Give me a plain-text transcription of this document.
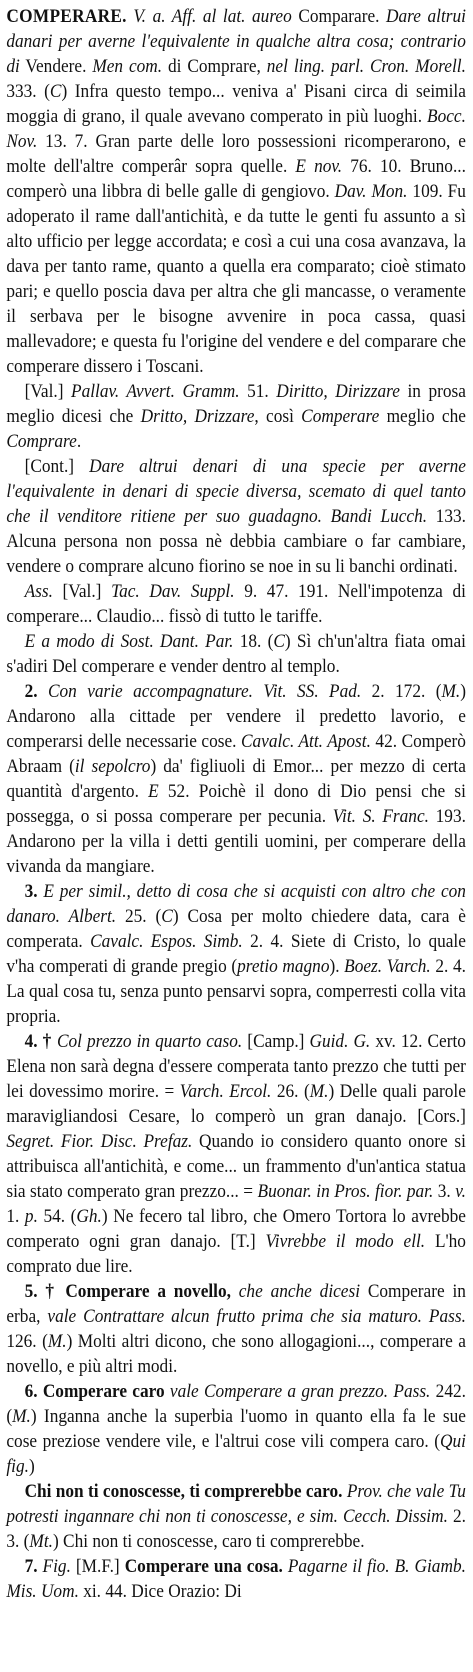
COMPERARE. V. a. Aff. al lat. aureo Comparare. Dare altrui danari per averne l'equivalente in qualche altra cosa; contrario di Vendere. Men com. di Comprare, nel ling. parl. Cron. Morell. 333. (C) Infra questo tempo... veniva a' Pisani circa di seimila moggia di grano, il quale avevano comperato in più luoghi. Bocc. Nov. 13. 7. Gran parte delle loro possessioni ricomperarono, e molte dell'altre comperâr sopra quelle. E nov. 76. 10. Bruno... comperò una libbra di belle galle di gengiovo. Dav. Mon. 109. Fu adoperato il rame dall'antichità, e da tutte le genti fu assunto a sì alto ufficio per legge accordata; e così a cui una cosa avanzava, la dava per tanto rame, quanto a quella era comparato; cioè stimato pari; e quello poscia dava per altra che gli mancasse, o veramente il serbava per le bisogne avvenire in poca cassa, quasi mallevadore; e questa fu l'origine del vendere e del comparare che comperare dissero i Toscani.

[Val.] Pallav. Avvert. Gramm. 51. Diritto, Dirizzare in prosa meglio dicesi che Dritto, Drizzare, così Comperare meglio che Comprare.

[Cont.] Dare altrui denari di una specie per averne l'equivalente in denari di specie diversa, scemato di quel tanto che il venditore ritiene per suo guadagno. Bandi Lucch. 133. Alcuna persona non possa nè debbia cambiare o far cambiare, vendere o comprare alcuno fiorino se noe in su li banchi ordinati.

Ass. [Val.] Tac. Dav. Suppl. 9. 47. 191. Nell'impotenza di comperare... Claudio... fissò di tutto le tariffe.

E a modo di Sost. Dant. Par. 18. (C) Sì ch'un'altra fiata omai s'adiri Del comperare e vender dentro al templo.

2. Con varie accompagnature. Vit. SS. Pad. 2. 172. (M.) Andarono alla cittade per vendere il predetto lavorio, e comperarsi delle necessarie cose. Cavalc. Att. Apost. 42. Comperò Abraam (il sepolcro) da' figliuoli di Emor... per mezzo di certa quantità d'argento. E 52. Poichè il dono di Dio pensi che si possegga, o si possa comperare per pecunia. Vit. S. Franc. 193. Andarono per la villa i detti gentili uomini, per comperare della vivanda da mangiare.

3. E per simil., detto di cosa che si acquisti con altro che con danaro. Albert. 25. (C) Cosa per molto chiedere data, cara è comperata. Cavalc. Espos. Simb. 2. 4. Siete di Cristo, lo quale v'ha comperati di grande pregio (pretio magno). Boez. Varch. 2. 4. La qual cosa tu, senza punto pensarvi sopra, comperresti colla vita propria.

4. † Col prezzo in quarto caso. [Camp.] Guid. G. xv. 12. Certo Elena non sarà degna d'essere comperata tanto prezzo che tutti per lei dovessimo morire. = Varch. Ercol. 26. (M.) Delle quali parole maravigliandosi Cesare, lo comperò un gran danajo. [Cors.] Segret. Fior. Disc. Prefaz. Quando io considero quanto onore si attribuisca all'antichità, e come... un frammento d'un'antica statua sia stato comperato gran prezzo... = Buonar. in Pros. fior. par. 3. v. 1. p. 54. (Gh.) Ne fecero tal libro, che Omero Tortora lo avrebbe comperato ogni gran danajo. [T.] Vivrebbe il modo ell. L'ho comprato due lire.

5. † Comperare a novello, che anche dicesi Comperare in erba, vale Contrattare alcun frutto prima che sia maturo. Pass. 126. (M.) Molti altri dicono, che sono allogagioni..., comperare a novello, e più altri modi.

6. Comperare caro vale Comperare a gran prezzo. Pass. 242. (M.) Inganna anche la superbia l'uomo in quanto ella fa le sue cose preziose vendere vile, e l'altrui cose vili compera caro. (Qui fig.)

Chi non ti conoscesse, ti comprerebbe caro. Prov. che vale Tu potresti ingannare chi non ti conoscesse, e sim. Cecch. Dissim. 2. 3. (Mt.) Chi non ti conoscesse, caro ti comprerebbe.

7. Fig. [M.F.] Comperare una cosa. Pagarne il fio. B. Giamb. Mis. Uom. xi. 44. Dice Orazio: Di
